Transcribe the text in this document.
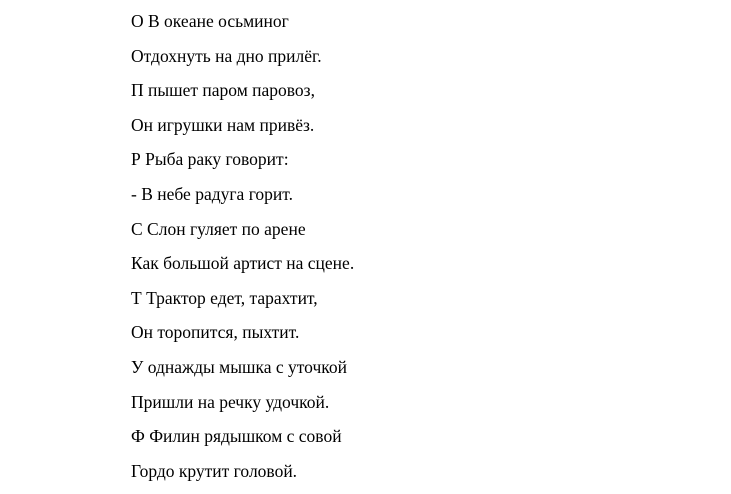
О В океане осьминог
Отдохнуть на дно прилёг.
П пышет паром паровоз,
Он игрушки нам привёз.
Р Рыба раку говорит:
- В небе радуга горит.
С Слон гуляет по арене
Как большой артист на сцене.
Т Трактор едет, тарахтит,
Он торопится, пыхтит.
У однажды мышка с уточкой
Пришли на речку удочкой.
Ф Филин рядышком с совой
Гордо крутит головой.
